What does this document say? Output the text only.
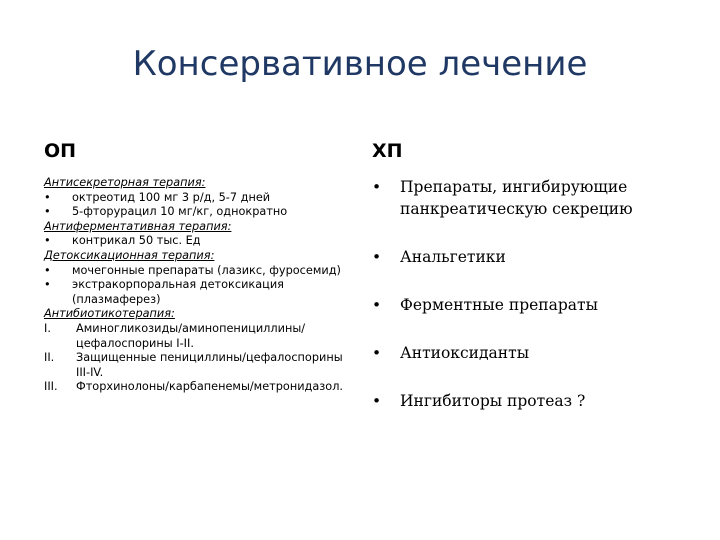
Консервативное лечение
ОП	ХП
Антисекреторная терапия:
•	октреотид 100 мг 3 р/д, 5-7 дней
•	5-фторурацил 10 мг/кг, однократно
Антиферментативная терапия:
•	контрикал 50 тыс. Ед
Детоксикационная терапия:
•	мочегонные препараты (лазикс, фуросемид)
•	экстракорпоральная детоксикация (плазмаферез)
Антибиотикотерапия:
I.	Аминогликозиды/аминопенициллины/цефалоспорины I-II.
II.	Защищенные пенициллины/цефалоспорины III-IV.
III.	Фторхинолоны/карбапенемы/метронидазол.
•	Препараты, ингибирующие панкреатическую секрецию
•	Анальгетики
•	Ферментные препараты
•	Антиоксиданты
•	Ингибиторы протеаз ?
